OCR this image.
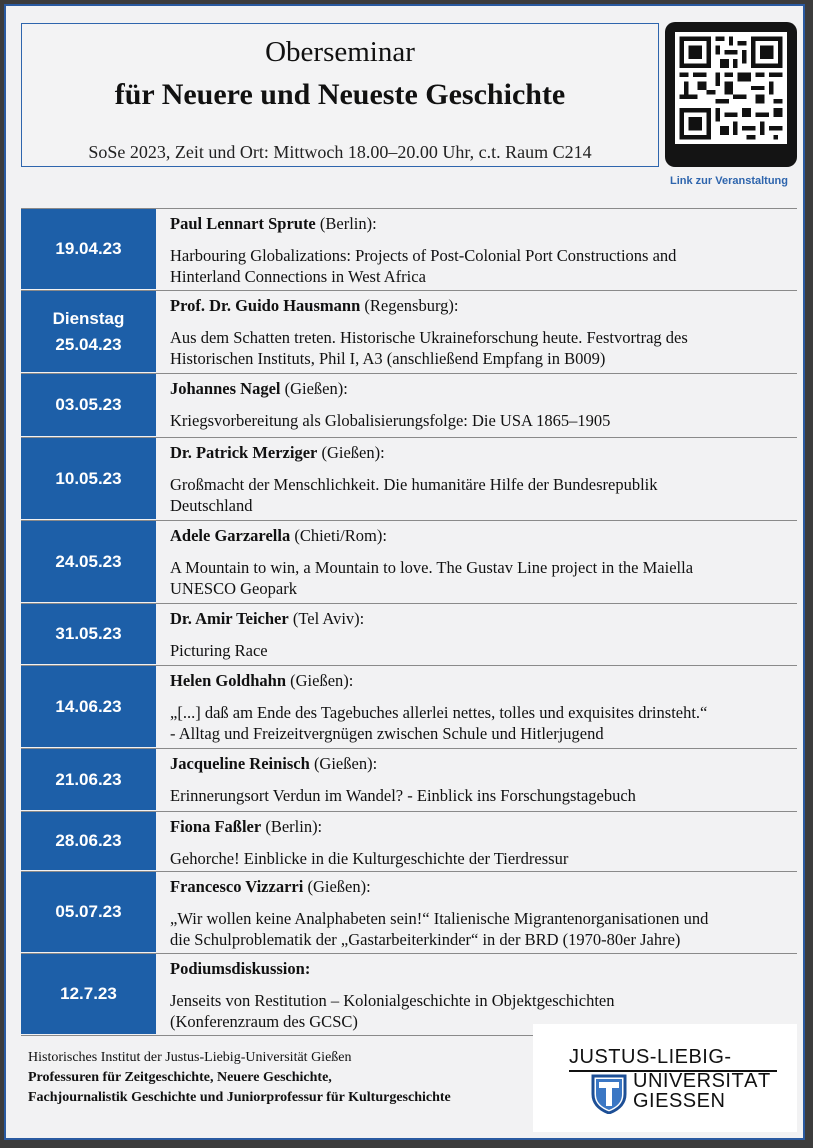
Oberseminar
für Neuere und Neueste Geschichte
SoSe 2023, Zeit und Ort: Mittwoch 18.00–20.00 Uhr, c.t. Raum C214
Link zur Veranstaltung
19.04.23
Paul Lennart Sprute (Berlin):
Harbouring Globalizations: Projects of Post-Colonial Port Constructions and
Hinterland Connections in West Africa
Dienstag
25.04.23
Prof. Dr. Guido Hausmann (Regensburg):
Aus dem Schatten treten. Historische Ukraineforschung heute. Festvortrag des
Historischen Instituts, Phil I, A3 (anschließend Empfang in B009)
03.05.23
Johannes Nagel (Gießen):
Kriegsvorbereitung als Globalisierungsfolge: Die USA 1865–1905
10.05.23
Dr. Patrick Merziger (Gießen):
Großmacht der Menschlichkeit. Die humanitäre Hilfe der Bundesrepublik
Deutschland
24.05.23
Adele Garzarella (Chieti/Rom):
A Mountain to win, a Mountain to love. The Gustav Line project in the Maiella
UNESCO Geopark
31.05.23
Dr. Amir Teicher (Tel Aviv):
Picturing Race
14.06.23
Helen Goldhahn (Gießen):
„[...] daß am Ende des Tagebuches allerlei nettes, tolles und exquisites drinsteht.“
- Alltag und Freizeitvergnügen zwischen Schule und Hitlerjugend
21.06.23
Jacqueline Reinisch (Gießen):
Erinnerungsort Verdun im Wandel? - Einblick ins Forschungstagebuch
28.06.23
Fiona Faßler (Berlin):
Gehorche! Einblicke in die Kulturgeschichte der Tierdressur
05.07.23
Francesco Vizzarri (Gießen):
„Wir wollen keine Analphabeten sein!“ Italienische Migrantenorganisationen und
die Schulproblematik der „Gastarbeiterkinder“ in der BRD (1970-80er Jahre)
12.7.23
Podiumsdiskussion:
Jenseits von Restitution – Kolonialgeschichte in Objektgeschichten
(Konferenzraum des GCSC)
Historisches Institut der Justus-Liebig-Universität Gießen
Professuren für Zeitgeschichte, Neuere Geschichte,
Fachjournalistik Geschichte und Juniorprofessur für Kulturgeschichte
JUSTUS-LIEBIG-
UNIVERSITÄT
GIESSEN
